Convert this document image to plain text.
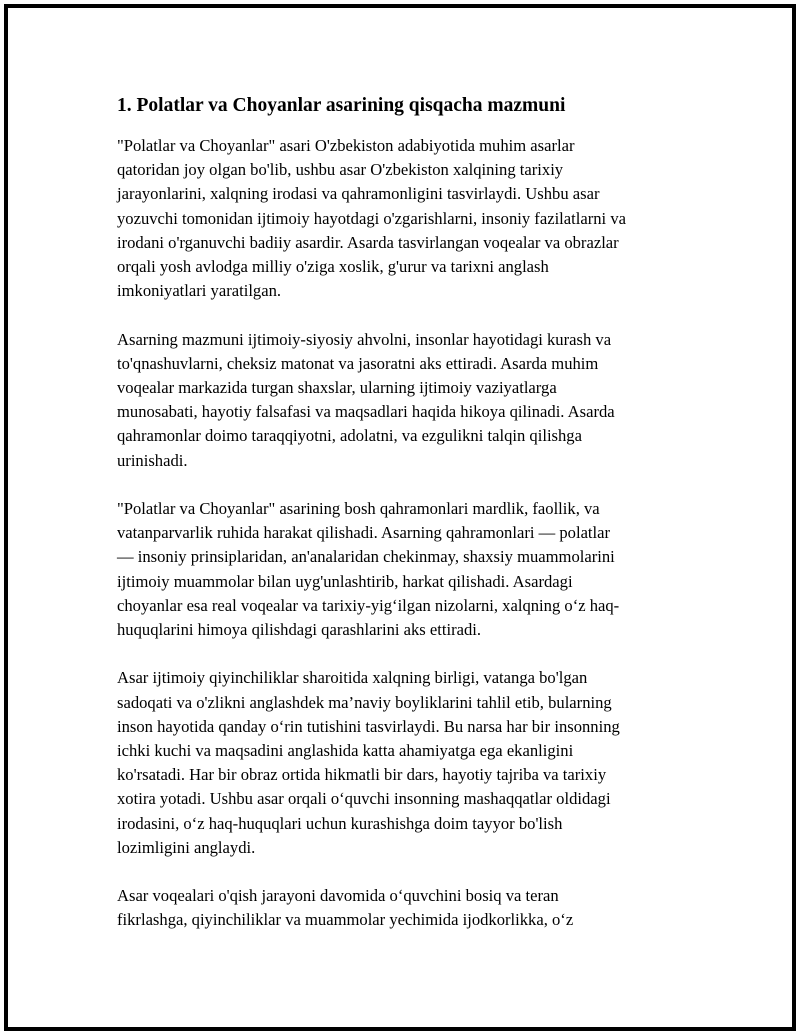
1. Polatlar va Choyanlar asarining qisqacha mazmuni
"Polatlar va Choyanlar" asari O'zbekiston adabiyotida muhim asarlar
qatoridan joy olgan bo'lib, ushbu asar O'zbekiston xalqining tarixiy
jarayonlarini, xalqning irodasi va qahramonligini tasvirlaydi. Ushbu asar
yozuvchi tomonidan ijtimoiy hayotdagi o'zgarishlarni, insoniy fazilatlarni va
irodani o'rganuvchi badiiy asardir. Asarda tasvirlangan voqealar va obrazlar
orqali yosh avlodga milliy o'ziga xoslik, g'urur va tarixni anglash
imkoniyatlari yaratilgan.
Asarning mazmuni ijtimoiy-siyosiy ahvolni, insonlar hayotidagi kurash va
to'qnashuvlarni, cheksiz matonat va jasoratni aks ettiradi. Asarda muhim
voqealar markazida turgan shaxslar, ularning ijtimoiy vaziyatlarga
munosabati, hayotiy falsafasi va maqsadlari haqida hikoya qilinadi. Asarda
qahramonlar doimo taraqqiyotni, adolatni, va ezgulikni talqin qilishga
urinishadi.
"Polatlar va Choyanlar" asarining bosh qahramonlari mardlik, faollik, va
vatanparvarlik ruhida harakat qilishadi. Asarning qahramonlari — polatlar
— insoniy prinsiplaridan, an'analaridan chekinmay, shaxsiy muammolarini
ijtimoiy muammolar bilan uyg'unlashtirib, harkat qilishadi. Asardagi
choyanlar esa real voqealar va tarixiy-yig‘ilgan nizolarni, xalqning o‘z haq-
huquqlarini himoya qilishdagi qarashlarini aks ettiradi.
Asar ijtimoiy qiyinchiliklar sharoitida xalqning birligi, vatanga bo'lgan
sadoqati va o'zlikni anglashdek ma’naviy boyliklarini tahlil etib, bularning
inson hayotida qanday o‘rin tutishini tasvirlaydi. Bu narsa har bir insonning
ichki kuchi va maqsadini anglashida katta ahamiyatga ega ekanligini
ko'rsatadi. Har bir obraz ortida hikmatli bir dars, hayotiy tajriba va tarixiy
xotira yotadi. Ushbu asar orqali o‘quvchi insonning mashaqqatlar oldidagi
irodasini, o‘z haq-huquqlari uchun kurashishga doim tayyor bo'lish
lozimligini anglaydi.
Asar voqealari o'qish jarayoni davomida o‘quvchini bosiq va teran
fikrlashga, qiyinchiliklar va muammolar yechimida ijodkorlikka, o‘z
